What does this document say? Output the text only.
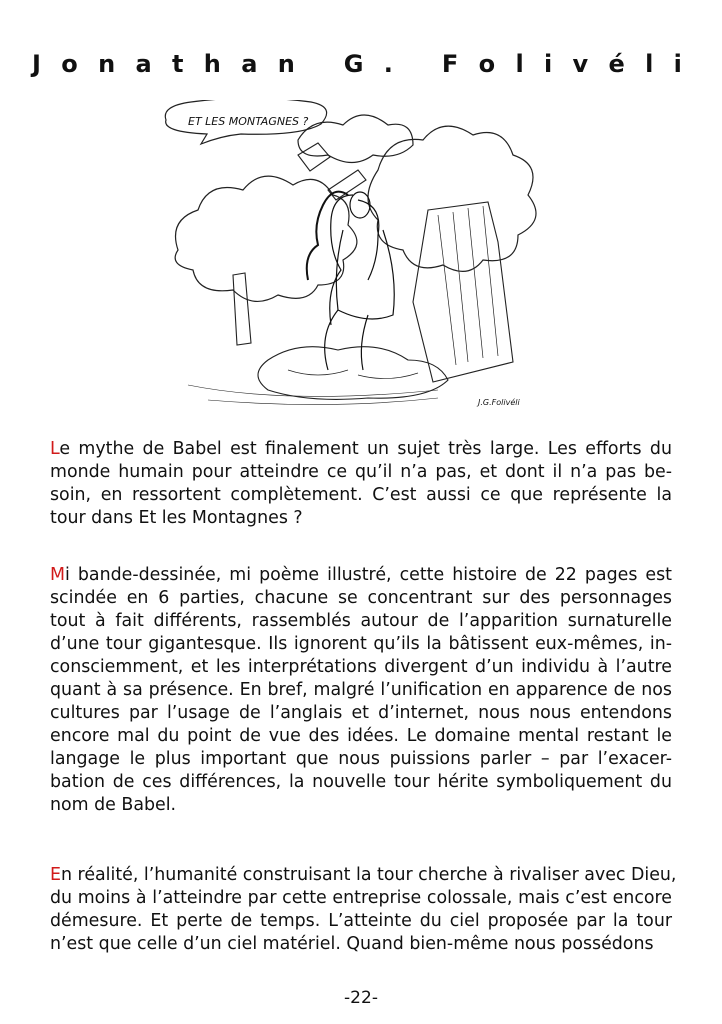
J o n a t h a n
G .
F o l i v é l i
ET LES MONTAGNES ?
J.G.Folivéli
Le mythe de Babel est finalement un sujet très large. Les efforts du
monde humain pour atteindre ce qu’il n’a pas, et dont il n’a pas be-
soin, en ressortent complètement. C’est aussi ce que représente la
tour dans Et les Montagnes ?
Mi bande-dessinée, mi poème illustré, cette histoire de 22 pages est
scindée en 6 parties, chacune se concentrant sur des personnages
tout à fait différents, rassemblés autour de l’apparition surnaturelle
d’une tour gigantesque. Ils ignorent qu’ils la bâtissent eux-mêmes, in-
consciemment, et les interprétations divergent d’un individu à l’autre
quant à sa présence. En bref, malgré l’unification en apparence de nos
cultures par l’usage de l’anglais et d’internet, nous nous entendons
encore mal du point de vue des idées. Le domaine mental restant le
langage le plus important que nous puissions parler – par l’exacer-
bation de ces différences, la nouvelle tour hérite symboliquement du
nom de Babel.
En réalité, l’humanité construisant la tour cherche à rivaliser avec Dieu,
du moins à l’atteindre par cette entreprise colossale, mais c’est encore
démesure. Et perte de temps. L’atteinte du ciel proposée par la tour
n’est que celle d’un ciel matériel. Quand bien-même nous possédons
-22-
